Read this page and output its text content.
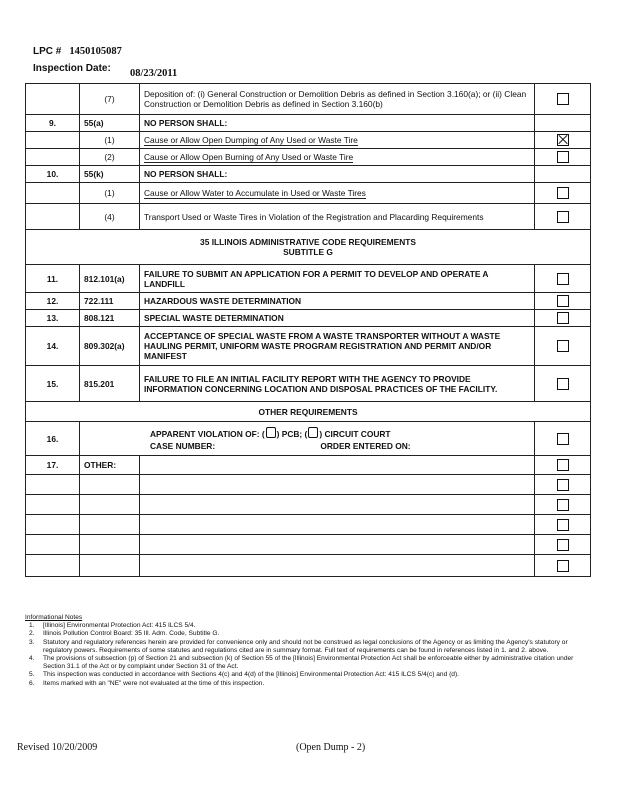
LPC # 1450105087
Inspection Date: 08/23/2011
	(7)	Deposition of: (i) General Construction or Demolition Debris as defined in Section 3.160(a); or (ii) Clean Construction or Demolition Debris as defined in Section 3.160(b)	
9.	55(a)	NO PERSON SHALL:	
	(1)	Cause or Allow Open Dumping of Any Used or Waste Tire	
	(2)	Cause or Allow Open Burning of Any Used or Waste Tire	
10.	55(k)	NO PERSON SHALL:	
	(1)	Cause or Allow Water to Accumulate in Used or Waste Tires	
	(4)	Transport Used or Waste Tires in Violation of the Registration and Placarding Requirements	

35 ILLINOIS ADMINISTRATIVE CODE REQUIREMENTS
SUBTITLE G			

11.	812.101(a)	FAILURE TO SUBMIT AN APPLICATION FOR A PERMIT TO DEVELOP AND OPERATE A LANDFILL	
12.	722.111	HAZARDOUS WASTE DETERMINATION	
13.	808.121	SPECIAL WASTE DETERMINATION	
14.	809.302(a)	ACCEPTANCE OF SPECIAL WASTE FROM A WASTE TRANSPORTER WITHOUT A WASTE HAULING PERMIT, UNIFORM WASTE PROGRAM REGISTRATION AND PERMIT AND/OR MANIFEST	
15.	815.201	FAILURE TO FILE AN INITIAL FACILITY REPORT WITH THE AGENCY TO PROVIDE INFORMATION CONCERNING LOCATION AND DISPOSAL PRACTICES OF THE FACILITY.	
OTHER REQUIREMENTS			
16.	APPARENT VIOLATION OF: ( ) PCB; ( ) CIRCUIT COURT
CASE NUMBER: ORDER ENTERED ON:		

17.	OTHER:		

Informational Notes
1.	[Illinois] Environmental Protection Act: 415 ILCS 5/4.
2.	Illinois Pollution Control Board: 35 Ill. Adm. Code, Subtitle G.
3.	Statutory and regulatory references herein are provided for convenience only and should not be construed as legal conclusions of the Agency or as limiting the Agency's statutory or regulatory powers. Requirements of some statutes and regulations cited are in summary format. Full text of requirements can be found in references listed in 1. and 2. above.
4.	The provisions of subsection (p) of Section 21 and subsection (k) of Section 55 of the [Illinois] Environmental Protection Act shall be enforceable either by administrative citation under Section 31.1 of the Act or by complaint under Section 31 of the Act.
5.	This inspection was conducted in accordance with Sections 4(c) and 4(d) of the [Illinois] Environmental Protection Act: 415 ILCS 5/4(c) and (d).
6.	Items marked with an "NE" were not evaluated at the time of this inspection.
Revised 10/20/2009	(Open Dump - 2)
